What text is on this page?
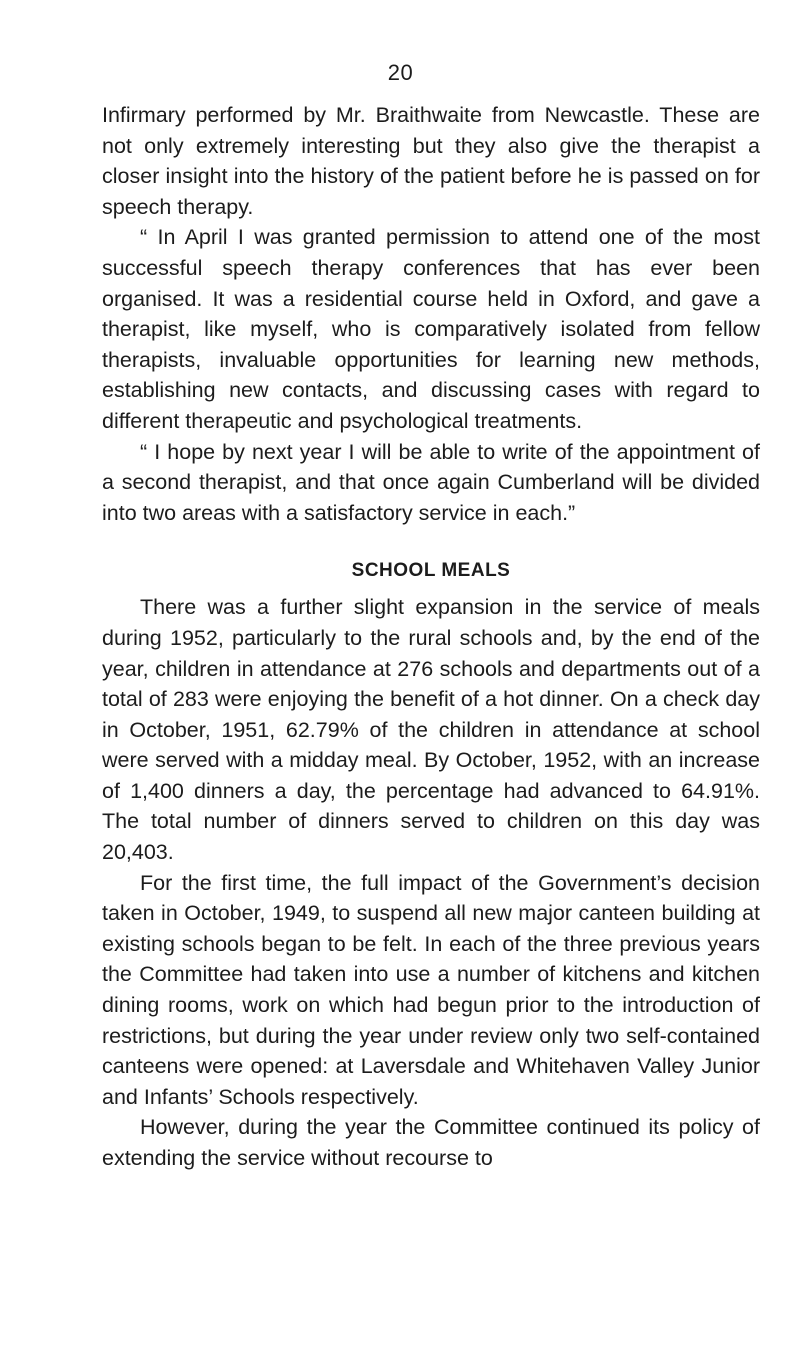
20

Infirmary performed by Mr. Braithwaite from Newcastle. These are not only extremely interesting but they also give the therapist a closer insight into the history of the patient before he is passed on for speech therapy.

“ In April I was granted permission to attend one of the most successful speech therapy conferences that has ever been organised. It was a residential course held in Oxford, and gave a therapist, like myself, who is comparatively isolated from fellow therapists, invaluable opportunities for learning new methods, establishing new contacts, and discussing cases with regard to different therapeutic and psychological treatments.

“ I hope by next year I will be able to write of the appointment of a second therapist, and that once again Cumberland will be divided into two areas with a satisfactory service in each.”

SCHOOL MEALS

There was a further slight expansion in the service of meals during 1952, particularly to the rural schools and, by the end of the year, children in attendance at 276 schools and departments out of a total of 283 were enjoying the benefit of a hot dinner. On a check day in October, 1951, 62.79% of the children in attendance at school were served with a midday meal. By October, 1952, with an increase of 1,400 dinners a day, the percentage had advanced to 64.91%. The total number of dinners served to children on this day was 20,403.

For the first time, the full impact of the Government’s decision taken in October, 1949, to suspend all new major canteen building at existing schools began to be felt. In each of the three previous years the Committee had taken into use a number of kitchens and kitchen dining rooms, work on which had begun prior to the introduction of restrictions, but during the year under review only two self-contained canteens were opened: at Laversdale and Whitehaven Valley Junior and Infants’ Schools respectively.

However, during the year the Committee continued its policy of extending the service without recourse to
